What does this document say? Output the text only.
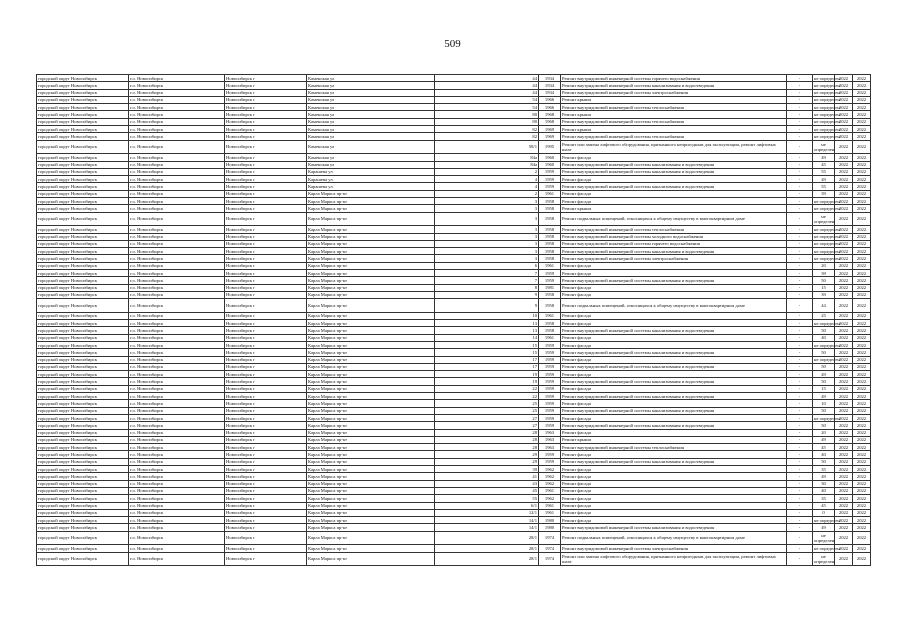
509
городской округ Новосибирск	г.о. Новосибирск	Новосибирск г	Каменская ул	44	1934	Ремонт внутридомовой инженерной системы горячего водоснабжения	-	не определен	2022	2022
городской округ Новосибирск	г.о. Новосибирск	Новосибирск г	Каменская ул	44	1934	Ремонт внутридомовой инженерной системы канализования и водоотведения	-	не определен	2022	2022
городской округ Новосибирск	г.о. Новосибирск	Новосибирск г	Каменская ул	44	1934	Ремонт внутридомовой инженерной системы электроснабжения	-	не определен	2022	2022
городской округ Новосибирск	г.о. Новосибирск	Новосибирск г	Каменская ул	54	1966	Ремонт крыши	-	не определен	2022	2022
городской округ Новосибирск	г.о. Новосибирск	Новосибирск г	Каменская ул	54	1966	Ремонт внутридомовой инженерной системы теплоснабжения	-	не определен	2022	2022
городской округ Новосибирск	г.о. Новосибирск	Новосибирск г	Каменская ул	80	1968	Ремонт крыши	-	не определен	2022	2022
городской округ Новосибирск	г.о. Новосибирск	Новосибирск г	Каменская ул	80	1968	Ремонт внутридомовой инженерной системы теплоснабжения	-	не определен	2022	2022
городской округ Новосибирск	г.о. Новосибирск	Новосибирск г	Каменская ул	82	1969	Ремонт крыши	-	не определен	2022	2022
городской округ Новосибирск	г.о. Новосибирск	Новосибирск г	Каменская ул	82	1969	Ремонт внутридомовой инженерной системы теплоснабжения	-	не определен	2022	2022
городской округ Новосибирск	г.о. Новосибирск	Новосибирск г	Каменская ул	58/1	1995	Ремонт или замена лифтового оборудования, признанного непригодным для эксплуатации, ремонт лифтовых шахт	-	не определен	2022	2022
городской округ Новосибирск	г.о. Новосибирск	Новосибирск г	Каменская ул	84а	1960	Ремонт фасада	-	49	2022	2022
городской округ Новосибирск	г.о. Новосибирск	Новосибирск г	Каменская ул	84а	1960	Ремонт внутридомовой инженерной системы канализования и водоотведения	-	45	2022	2022
городской округ Новосибирск	г.о. Новосибирск	Новосибирск г	Карашева ул	2	1959	Ремонт внутридомовой инженерной системы канализования и водоотведения	-	55	2022	2022
городской округ Новосибирск	г.о. Новосибирск	Новосибирск г	Карашева ул	4	1959	Ремонт фасада	-	49	2022	2022
городской округ Новосибирск	г.о. Новосибирск	Новосибирск г	Карашева ул	4	1959	Ремонт внутридомовой инженерной системы канализования и водоотведения	-	55	2022	2022
городской округ Новосибирск	г.о. Новосибирск	Новосибирск г	Карла Маркса пр-кт	2	1961	Ремонт фасада	-	39	2022	2022
городской округ Новосибирск	г.о. Новосибирск	Новосибирск г	Карла Маркса пр-кт	3	1958	Ремонт фасада	-	не определен	2022	2022
городской округ Новосибирск	г.о. Новосибирск	Новосибирск г	Карла Маркса пр-кт	3	1958	Ремонт крыши	-	не определен	2022	2022
городской округ Новосибирск	г.о. Новосибирск	Новосибирск г	Карла Маркса пр-кт	3	1958	Ремонт подвальных помещений, относящихся к общему имуществу в многоквартирном доме	-	не определен	2022	2022
городской округ Новосибирск	г.о. Новосибирск	Новосибирск г	Карла Маркса пр-кт	3	1958	Ремонт внутридомовой инженерной системы теплоснабжения	-	не определен	2022	2022
городской округ Новосибирск	г.о. Новосибирск	Новосибирск г	Карла Маркса пр-кт	3	1958	Ремонт внутридомовой инженерной системы холодного водоснабжения	-	не определен	2022	2022
городской округ Новосибирск	г.о. Новосибирск	Новосибирск г	Карла Маркса пр-кт	3	1958	Ремонт внутридомовой инженерной системы горячего водоснабжения	-	не определен	2022	2022
городской округ Новосибирск	г.о. Новосибирск	Новосибирск г	Карла Маркса пр-кт	3	1958	Ремонт внутридомовой инженерной системы канализования и водоотведения	-	не определен	2022	2022
городской округ Новосибирск	г.о. Новосибирск	Новосибирск г	Карла Маркса пр-кт	3	1958	Ремонт внутридомовой инженерной системы электроснабжения	-	не определен	2022	2022
городской округ Новосибирск	г.о. Новосибирск	Новосибирск г	Карла Маркса пр-кт	6	1961	Ремонт фасада	-	20	2022	2022
городской округ Новосибирск	г.о. Новосибирск	Новосибирск г	Карла Маркса пр-кт	7	1959	Ремонт фасада	-	39	2022	2022
городской округ Новосибирск	г.о. Новосибирск	Новосибирск г	Карла Маркса пр-кт	7	1959	Ремонт внутридомовой инженерной системы канализования и водоотведения	-	50	2022	2022
городской округ Новосибирск	г.о. Новосибирск	Новосибирск г	Карла Маркса пр-кт	8	1981	Ремонт фасада	-	15	2022	2022
городской округ Новосибирск	г.о. Новосибирск	Новосибирск г	Карла Маркса пр-кт	9	1958	Ремонт фасада	-	39	2022	2022
городской округ Новосибирск	г.о. Новосибирск	Новосибирск г	Карла Маркса пр-кт	9	1958	Ремонт подвальных помещений, относящихся к общему имуществу в многоквартирном доме	-	44	2022	2022
городской округ Новосибирск	г.о. Новосибирск	Новосибирск г	Карла Маркса пр-кт	10	1961	Ремонт фасада	-	25	2022	2022
городской округ Новосибирск	г.о. Новосибирск	Новосибирск г	Карла Маркса пр-кт	13	1958	Ремонт фасада	-	не определен	2022	2022
городской округ Новосибирск	г.о. Новосибирск	Новосибирск г	Карла Маркса пр-кт	13	1958	Ремонт внутридомовой инженерной системы канализования и водоотведения	-	50	2022	2022
городской округ Новосибирск	г.о. Новосибирск	Новосибирск г	Карла Маркса пр-кт	14	1961	Ремонт фасада	-	40	2022	2022
городской округ Новосибирск	г.о. Новосибирск	Новосибирск г	Карла Маркса пр-кт	15	1959	Ремонт фасада	-	не определен	2022	2022
городской округ Новосибирск	г.о. Новосибирск	Новосибирск г	Карла Маркса пр-кт	15	1959	Ремонт внутридомовой инженерной системы канализования и водоотведения	-	50	2022	2022
городской округ Новосибирск	г.о. Новосибирск	Новосибирск г	Карла Маркса пр-кт	17	1959	Ремонт фасада	-	не определен	2022	2022
городской округ Новосибирск	г.о. Новосибирск	Новосибирск г	Карла Маркса пр-кт	17	1959	Ремонт внутридомовой инженерной системы канализования и водоотведения	-	50	2022	2022
городской округ Новосибирск	г.о. Новосибирск	Новосибирск г	Карла Маркса пр-кт	19	1959	Ремонт фасада	-	49	2022	2022
городской округ Новосибирск	г.о. Новосибирск	Новосибирск г	Карла Маркса пр-кт	19	1959	Ремонт внутридомовой инженерной системы канализования и водоотведения	-	50	2022	2022
городской округ Новосибирск	г.о. Новосибирск	Новосибирск г	Карла Маркса пр-кт	22	1959	Ремонт фасада	-	15	2022	2022
городской округ Новосибирск	г.о. Новосибирск	Новосибирск г	Карла Маркса пр-кт	22	1959	Ремонт внутридомовой инженерной системы канализования и водоотведения	-	49	2022	2022
городской округ Новосибирск	г.о. Новосибирск	Новосибирск г	Карла Маркса пр-кт	25	1959	Ремонт фасада	-	10	2022	2022
городской округ Новосибирск	г.о. Новосибирск	Новосибирск г	Карла Маркса пр-кт	25	1959	Ремонт внутридомовой инженерной системы канализования и водоотведения	-	50	2022	2022
городской округ Новосибирск	г.о. Новосибирск	Новосибирск г	Карла Маркса пр-кт	27	1959	Ремонт фасада	-	не определен	2022	2022
городской округ Новосибирск	г.о. Новосибирск	Новосибирск г	Карла Маркса пр-кт	27	1959	Ремонт внутридомовой инженерной системы канализования и водоотведения	-	50	2022	2022
городской округ Новосибирск	г.о. Новосибирск	Новосибирск г	Карла Маркса пр-кт	28	1963	Ремонт фасада	-	20	2022	2022
городской округ Новосибирск	г.о. Новосибирск	Новосибирск г	Карла Маркса пр-кт	28	1963	Ремонт крыши	-	49	2022	2022
городской округ Новосибирск	г.о. Новосибирск	Новосибирск г	Карла Маркса пр-кт	28	1963	Ремонт внутридомовой инженерной системы теплоснабжения	-	45	2022	2022
городской округ Новосибирск	г.о. Новосибирск	Новосибирск г	Карла Маркса пр-кт	29	1959	Ремонт фасада	-	40	2022	2022
городской округ Новосибирск	г.о. Новосибирск	Новосибирск г	Карла Маркса пр-кт	29	1959	Ремонт внутридомовой инженерной системы канализования и водоотведения	-	50	2022	2022
городской округ Новосибирск	г.о. Новосибирск	Новосибирск г	Карла Маркса пр-кт	39	1962	Ремонт фасада	-	35	2022	2022
городской округ Новосибирск	г.о. Новосибирск	Новосибирск г	Карла Маркса пр-кт	41	1962	Ремонт фасада	-	49	2022	2022
городской округ Новосибирск	г.о. Новосибирск	Новосибирск г	Карла Маркса пр-кт	43	1962	Ремонт фасада	-	30	2022	2022
городской округ Новосибирск	г.о. Новосибирск	Новосибирск г	Карла Маркса пр-кт	45	1961	Ремонт фасада	-	40	2022	2022
городской округ Новосибирск	г.о. Новосибирск	Новосибирск г	Карла Маркса пр-кт	55	1962	Ремонт фасада	-	35	2022	2022
городской округ Новосибирск	г.о. Новосибирск	Новосибирск г	Карла Маркса пр-кт	6/1	1961	Ремонт фасада	-	45	2022	2022
городской округ Новосибирск	г.о. Новосибирск	Новосибирск г	Карла Маркса пр-кт	12/1	1961	Ремонт фасада	-	0	2022	2022
городской округ Новосибирск	г.о. Новосибирск	Новосибирск г	Карла Маркса пр-кт	14/1	1980	Ремонт фасада	-	не определен	2022	2022
городской округ Новосибирск	г.о. Новосибирск	Новосибирск г	Карла Маркса пр-кт	14/1	1980	Ремонт внутридомовой инженерной системы канализования и водоотведения	-	49	2022	2022
городской округ Новосибирск	г.о. Новосибирск	Новосибирск г	Карла Маркса пр-кт	28/1	1974	Ремонт подвальных помещений, относящихся к общему имуществу в многоквартирном доме	-	не определен	2022	2022
городской округ Новосибирск	г.о. Новосибирск	Новосибирск г	Карла Маркса пр-кт	28/1	1974	Ремонт внутридомовой инженерной системы электроснабжения	-	не определен	2022	2022
городской округ Новосибирск	г.о. Новосибирск	Новосибирск г	Карла Маркса пр-кт	28/1	1974	Ремонт или замена лифтового оборудования, признанного непригодным для эксплуатации, ремонт лифтовых шахт	-	не определен	2022	2022
